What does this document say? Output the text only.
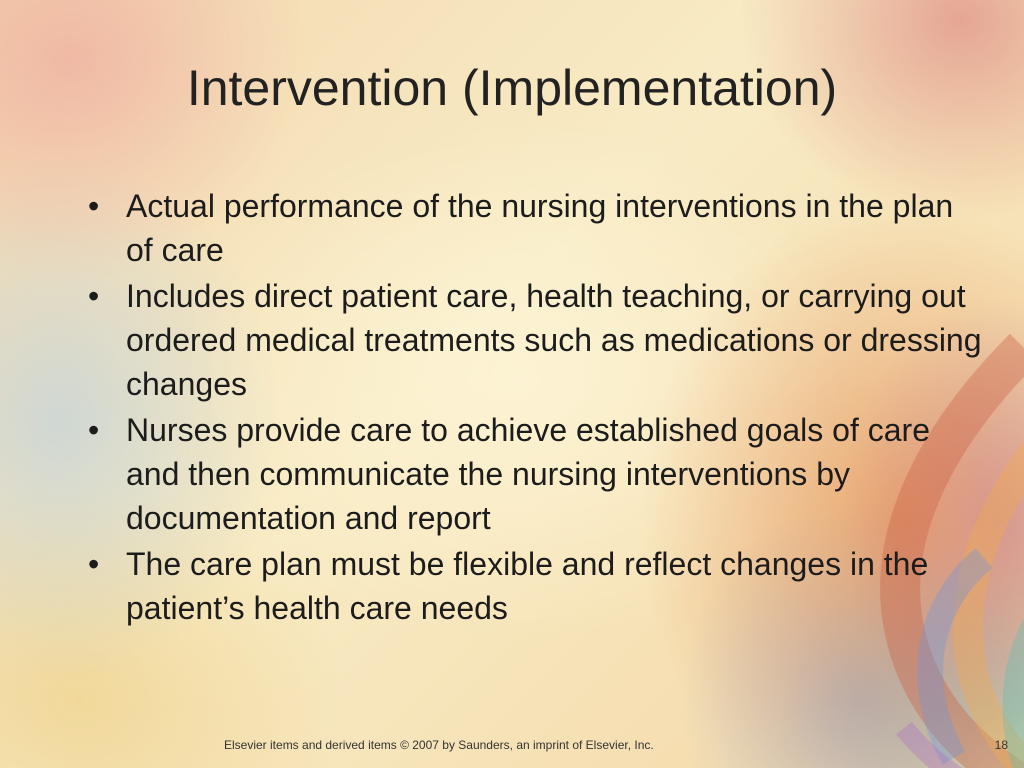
Intervention (Implementation)
• Actual performance of the nursing interventions in the plan of care
• Includes direct patient care, health teaching, or carrying out ordered medical treatments such as medications or dressing changes
• Nurses provide care to achieve established goals of care and then communicate the nursing interventions by documentation and report
• The care plan must be flexible and reflect changes in the patient’s health care needs
Elsevier items and derived items © 2007 by Saunders, an imprint of Elsevier, Inc.	18
